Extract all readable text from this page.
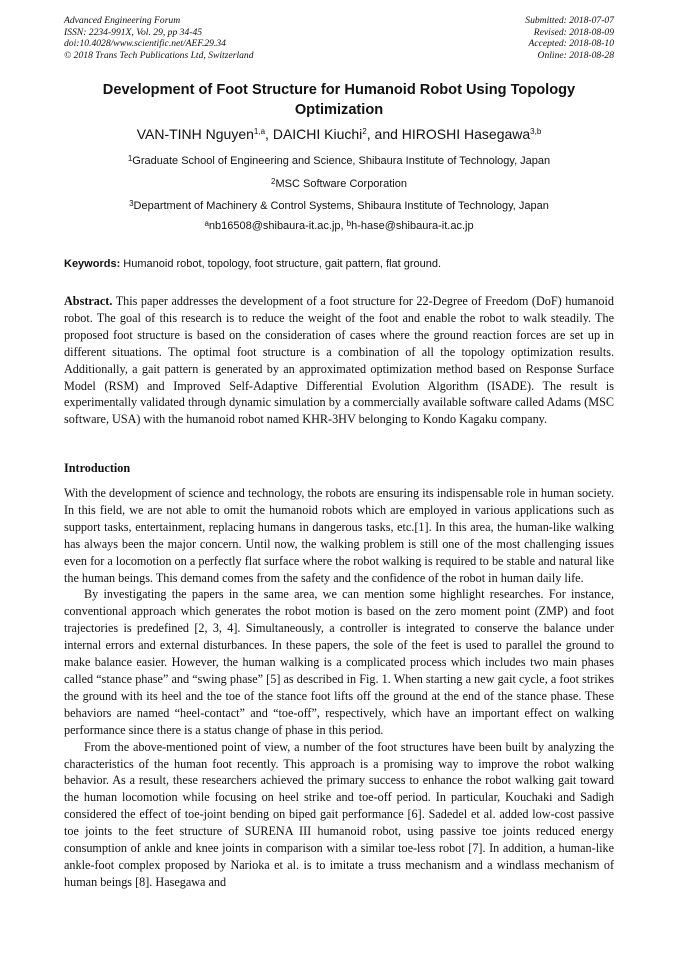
Advanced Engineering Forum
ISSN: 2234-991X, Vol. 29, pp 34-45
doi:10.4028/www.scientific.net/AEF.29.34
© 2018 Trans Tech Publications Ltd, Switzerland
Submitted: 2018-07-07
Revised: 2018-08-09
Accepted: 2018-08-10
Online: 2018-08-28
Development of Foot Structure for Humanoid Robot Using Topology Optimization
VAN-TINH Nguyen$^{1,a}$, DAICHI Kiuchi$^2$, and HIROSHI Hasegawa$^{3,b}$
$^1$Graduate School of Engineering and Science, Shibaura Institute of Technology, Japan
$^2$MSC Software Corporation
$^3$Department of Machinery & Control Systems, Shibaura Institute of Technology, Japan
$^a$nb16508@shibaura-it.ac.jp, $^b$h-hase@shibaura-it.ac.jp
Keywords: Humanoid robot, topology, foot structure, gait pattern, flat ground.
Abstract. This paper addresses the development of a foot structure for 22-Degree of Freedom (DoF) humanoid robot. The goal of this research is to reduce the weight of the foot and enable the robot to walk steadily. The proposed foot structure is based on the consideration of cases where the ground reaction forces are set up in different situations. The optimal foot structure is a combination of all the topology optimization results. Additionally, a gait pattern is generated by an approximated optimization method based on Response Surface Model (RSM) and Improved Self-Adaptive Differential Evolution Algorithm (ISADE). The result is experimentally validated through dynamic simulation by a commercially available software called Adams (MSC software, USA) with the humanoid robot named KHR-3HV belonging to Kondo Kagaku company.
Introduction

With the development of science and technology, the robots are ensuring its indispensable role in human society. In this field, we are not able to omit the humanoid robots which are employed in various applications such as support tasks, entertainment, replacing humans in dangerous tasks, etc.[1]. In this area, the human-like walking has always been the major concern. Until now, the walking problem is still one of the most challenging issues even for a locomotion on a perfectly flat surface where the robot walking is required to be stable and natural like the human beings. This demand comes from the safety and the confidence of the robot in human daily life.

By investigating the papers in the same area, we can mention some highlight researches. For instance, conventional approach which generates the robot motion is based on the zero moment point (ZMP) and foot trajectories is predefined [2, 3, 4]. Simultaneously, a controller is integrated to conserve the balance under internal errors and external disturbances. In these papers, the sole of the feet is used to parallel the ground to make balance easier. However, the human walking is a complicated process which includes two main phases called “stance phase” and “swing phase” [5] as described in Fig. 1. When starting a new gait cycle, a foot strikes the ground with its heel and the toe of the stance foot lifts off the ground at the end of the stance phase. These behaviors are named “heel-contact” and “toe-off”, respectively, which have an important effect on walking performance since there is a status change of phase in this period.

From the above-mentioned point of view, a number of the foot structures have been built by analyzing the characteristics of the human foot recently. This approach is a promising way to improve the robot walking behavior. As a result, these researchers achieved the primary success to enhance the robot walking gait toward the human locomotion while focusing on heel strike and toe-off period. In particular, Kouchaki and Sadigh considered the effect of toe-joint bending on biped gait performance [6]. Sadedel et al. added low-cost passive toe joints to the feet structure of SURENA III humanoid robot, using passive toe joints reduced energy consumption of ankle and knee joints in comparison with a similar toe-less robot [7]. In addition, a human-like ankle-foot complex proposed by Narioka et al. is to imitate a truss mechanism and a windlass mechanism of human beings [8]. Hasegawa and
